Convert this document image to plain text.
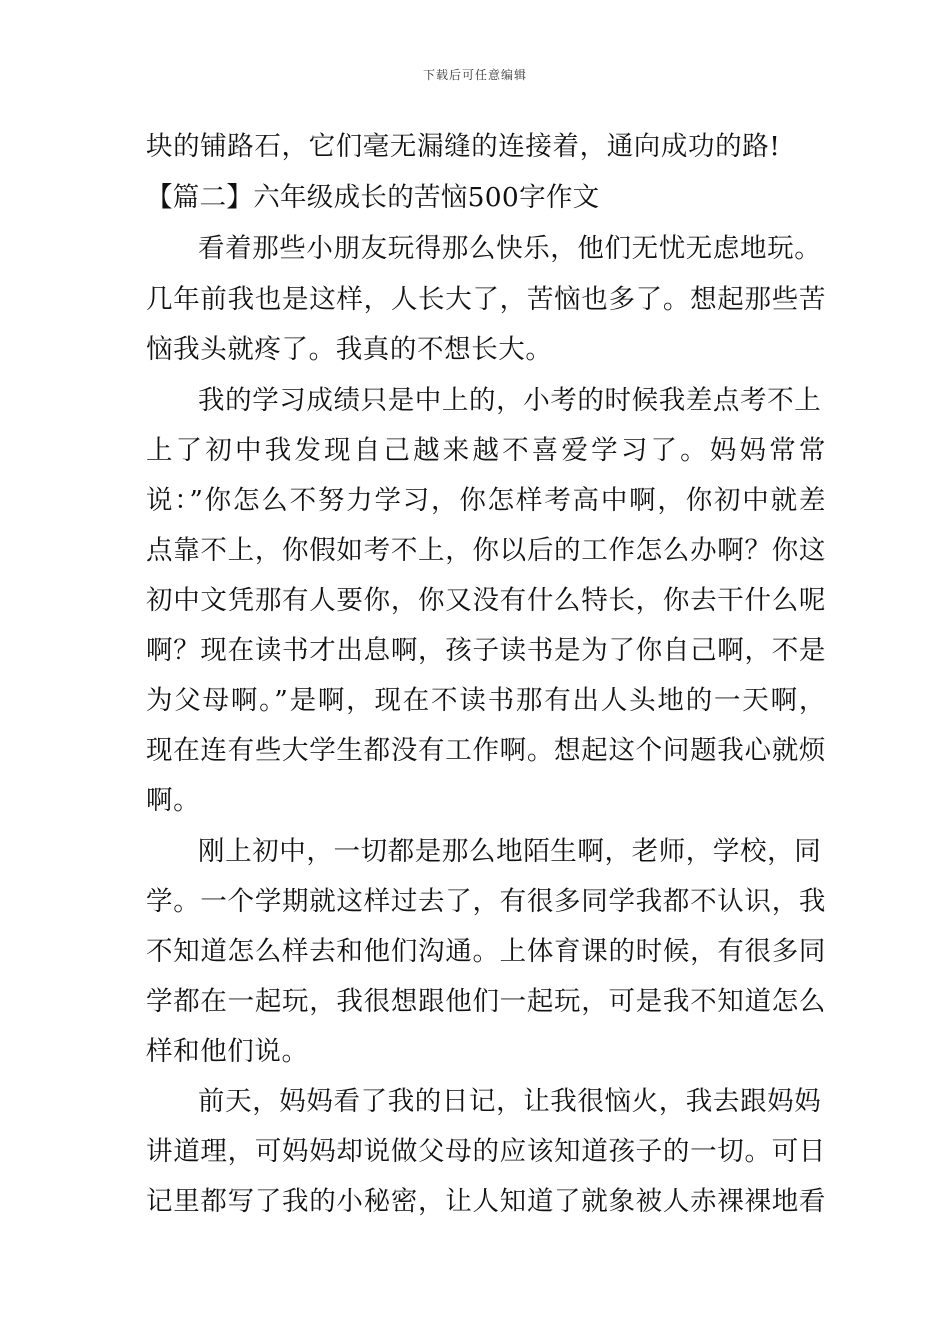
下载后可任意编辑
块的铺路石，它们毫无漏缝的连接着，通向成功的路!
【篇二】六年级成长的苦恼500字作文
看着那些小朋友玩得那么快乐，他们无忧无虑地玩。
几年前我也是这样，人长大了，苦恼也多了。想起那些苦
恼我头就疼了。我真的不想长大。
我的学习成绩只是中上的，小考的时候我差点考不上
上了初中我发现自己越来越不喜爱学习了。妈妈常常
说：”你怎么不努力学习，你怎样考高中啊，你初中就差
点靠不上，你假如考不上，你以后的工作怎么办啊？你这
初中文凭那有人要你，你又没有什么特长，你去干什么呢
啊？现在读书才出息啊，孩子读书是为了你自己啊，不是
为父母啊。”是啊，现在不读书那有出人头地的一天啊，
现在连有些大学生都没有工作啊。想起这个问题我心就烦
啊。
刚上初中，一切都是那么地陌生啊，老师，学校，同
学。一个学期就这样过去了，有很多同学我都不认识，我
不知道怎么样去和他们沟通。上体育课的时候，有很多同
学都在一起玩，我很想跟他们一起玩，可是我不知道怎么
样和他们说。
前天，妈妈看了我的日记，让我很恼火，我去跟妈妈
讲道理，可妈妈却说做父母的应该知道孩子的一切。可日
记里都写了我的小秘密，让人知道了就象被人赤裸裸地看
